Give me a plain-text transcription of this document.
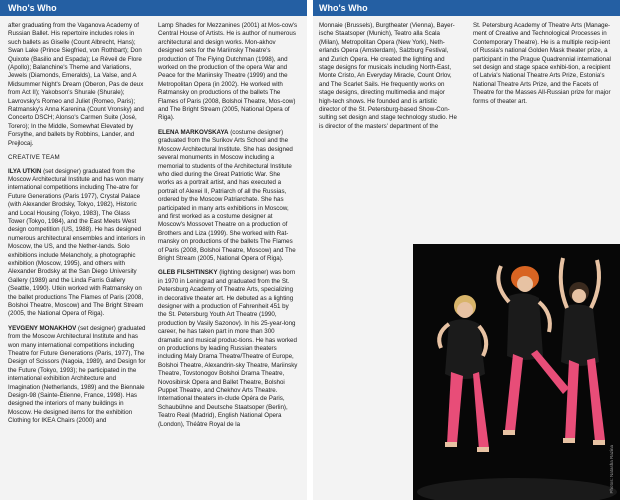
Who's Who

after graduating from the Vaganova Academy of Russian Ballet. His repertoire includes roles in such ballets as Giselle (Count Albrecht, Hans); Swan Lake (Prince Siegfried, von Rothbart); Don Quixote (Basilio and Espada); Le Réveil de Flore (Apollo); Balanchine's Theme and Variations, Jewels (Diamonds, Emeralds), La Valse, and A Midsummer Night's Dream (Oberon, Pas de deux from Act II); Yakobson's Shurale (Shurale); Lavrovsky's Romeo and Juliet (Romeo, Paris); Ratmansky's Anna Karenina (Count Vronsky) and Concerto DSCH; Alonso's Carmen Suite (José, Torero); In the Middle, Somewhat Elevated by Forsythe, and ballets by Robbins, Lander, and Prejlocaj.

CREATIVE TEAM

ILYA UTKIN (set designer) graduated from the Moscow Architectural Institute and has won many international competitions including The-atre for Future Generations (Paris 1977), Crystal Palace (with Alexander Brodsky, Tokyo, 1982), Historic and Local Housing (Tokyo, 1983), The Glass Tower (Tokyo, 1984), and the East Meets West design competition (US, 1988). He has designed numerous architectural ensembles and interiors in Moscow, the US, and the Nether-lands. Solo exhibitions include Melancholy, a photographic exhibition (Moscow, 1995), and others with Alexander Brodsky at the San Diego University Gallery (1989) and the Linda Farris Gallery (Seattle, 1990). Utkin worked with Ratmansky on the ballet productions The Flames of Paris (2008, Bolshoi Theatre, Moscow) and The Bright Stream (2005, the National Opera of Riga).

YEVGENY MONAKHOV (set designer) graduated from the Moscow Architectural Institute and has won many international competitions including Theatre for Future Generations (Paris, 1977), The Design of Scissors (Nagoia, 1989), and Design for the Future (Tokyo, 1993); he participated in the international exhibition Architecture and Imagination (Netherlands, 1989) and the Biennale Design-98 (Sainte-Étienne, France, 1998). Has designed the interiors of many buildings in Moscow. He designed items for the exhibition Clothing for IKEA Chairs (2000) and

Lamp Shades for Mezzanines (2001) at Mos-cow's Central House of Artists. He is author of numerous architectural and design works. Mon-akhov designed sets for the Mariinsky Theatre's production of The Flying Dutchman (1998), and worked on the production of the opera War and Peace for the Mariinsky Theatre (1999) and the Metropolitan Opera (in 2002). He worked with Ratmansky on productions of the ballets The Flames of Paris (2008, Bolshoi Theatre, Mos-cow) and The Bright Stream (2005, National Opera of Riga).

ELENA MARKOVSKAYA (costume designer) graduated from the Surikov Arts School and the Moscow Architectural Institute. She has designed several monuments in Moscow including a memorial to students of the Architectural Institute who died during the Great Patriotic War. She works as a portrait artist, and has executed a portrait of Alexei II, Patriarch of all the Russias, ordered by the Moscow Patriarchate. She has participated in many arts exhibitions in Moscow, and first worked as a costume designer at Moscow's Mossovet Theatre on a production of Brothers and Liza (1999). She worked with Rat-mansky on productions of the ballets The Flames of Paris (2008, Bolshoi Theatre, Moscow) and The Bright Stream (2005, National Opera of Riga).

GLEB FILSHTINSKY (lighting designer) was born in 1970 in Leningrad and graduated from the St. Petersburg Academy of Theatre Arts, specializing in decorative theater art. He debuted as a lighting designer with a production of Fahrenheit 451 by the St. Petersburg Youth Art Theatre (1990, production by Vasily Sazonov). In his 25-year-long career, he has taken part in more than 300 dramatic and musical produc-tions. He has worked on productions by leading Russian theaters including Maly Drama Theatre/Theatre of Europe, Bolshoi Theatre, Alexandrin-sky Theatre, Mariinsky Theatre, Tovstonogov Bolshoi Drama Theatre, Novosibirsk Opera and Ballet Theatre, Bolshoi Puppet Theatre, and Chekhov Arts Theatre. International theaters in-clude Opéra de Paris, Schaubühne and Deutsche Staatsoper (Berlin), Teatro Real (Madrid), English National Opera (London), Théâtre Royal de la

Who's Who

Monnaie (Brussels), Burgtheater (Vienna), Bayer-ische Staatsoper (Munich), Teatro alla Scala (Milan), Metropolitan Opera (New York), Neth-erlands Opera (Amsterdam), Salzburg Festival, and Zurich Opera. He created the lighting and stage designs for musicals including North-East, Monte Cristo, An Everyday Miracle, Count Orlov, and The Scarlet Sails. He frequently works on stage designs, directing multimedia and major high-tech shows. He founded and is artistic director of the St. Petersburg-based Show-Con-sulting set design and stage technology studio. He is director of the masters' department of the

St. Petersburg Academy of Theatre Arts (Manage-ment of Creative and Technological Processes in Contemporary Theatre). He is a multiple recip-ient of Russia's national Golden Mask theater prize, a participant in the Prague Quadrennial international set design and stage space exhibi-tion, a recipient of Latvia's National Theatre Arts Prize, Estonia's National Theatre Arts Prize, and the Facets of Theatre for the Masses All-Russian prize for major forms of theater art.

Photos: Natasha Razina
